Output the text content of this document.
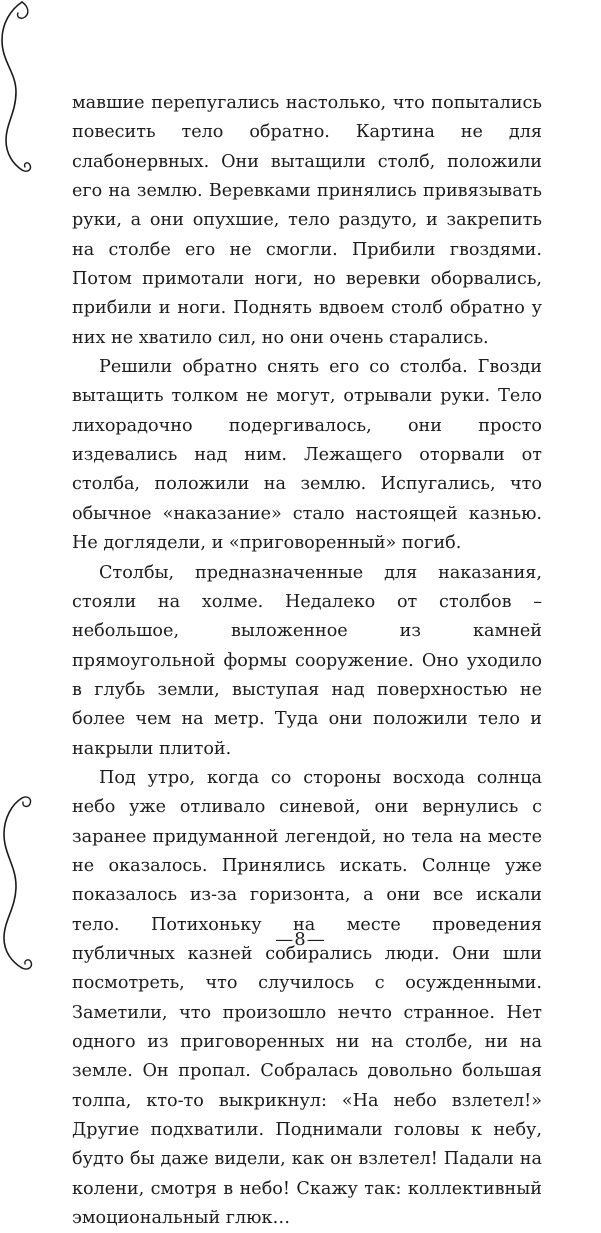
мавшие перепугались настолько, что попытались повесить тело обратно. Картина не для слабонервных. Они вытащили столб, положили его на землю. Веревками принялись привязывать руки, а они опухшие, тело раздуто, и закрепить на столбе его не смогли. Прибили гвоздями. Потом примотали ноги, но веревки оборвались, прибили и ноги. Поднять вдвоем столб обратно у них не хватило сил, но они очень старались.

Решили обратно снять его со столба. Гвозди вытащить толком не могут, отрывали руки. Тело лихорадочно подергивалось, они просто издевались над ним. Лежащего оторвали от столба, положили на землю. Испугались, что обычное «наказание» стало настоящей казнью. Не доглядели, и «приговоренный» погиб.

Столбы, предназначенные для наказания, стояли на холме. Недалеко от столбов – небольшое, выложенное из камней прямоугольной формы сооружение. Оно уходило в глубь земли, выступая над поверхностью не более чем на метр. Туда они положили тело и накрыли плитой.

Под утро, когда со стороны восхода солнца небо уже отливало синевой, они вернулись с заранее придуманной легендой, но тела на месте не оказалось. Принялись искать. Солнце уже показалось из-за горизонта, а они все искали тело. Потихоньку на месте проведения публичных казней собирались люди. Они шли посмотреть, что случилось с осужденными. Заметили, что произошло нечто странное. Нет одного из приговоренных ни на столбе, ни на земле. Он пропал. Собралась довольно большая толпа, кто-то выкрикнул: «На небо взлетел!» Другие подхватили. Поднимали головы к небу, будто бы даже видели, как он взлетел! Падали на колени, смотря в небо! Скажу так: коллективный эмоциональный глюк…

—8—
